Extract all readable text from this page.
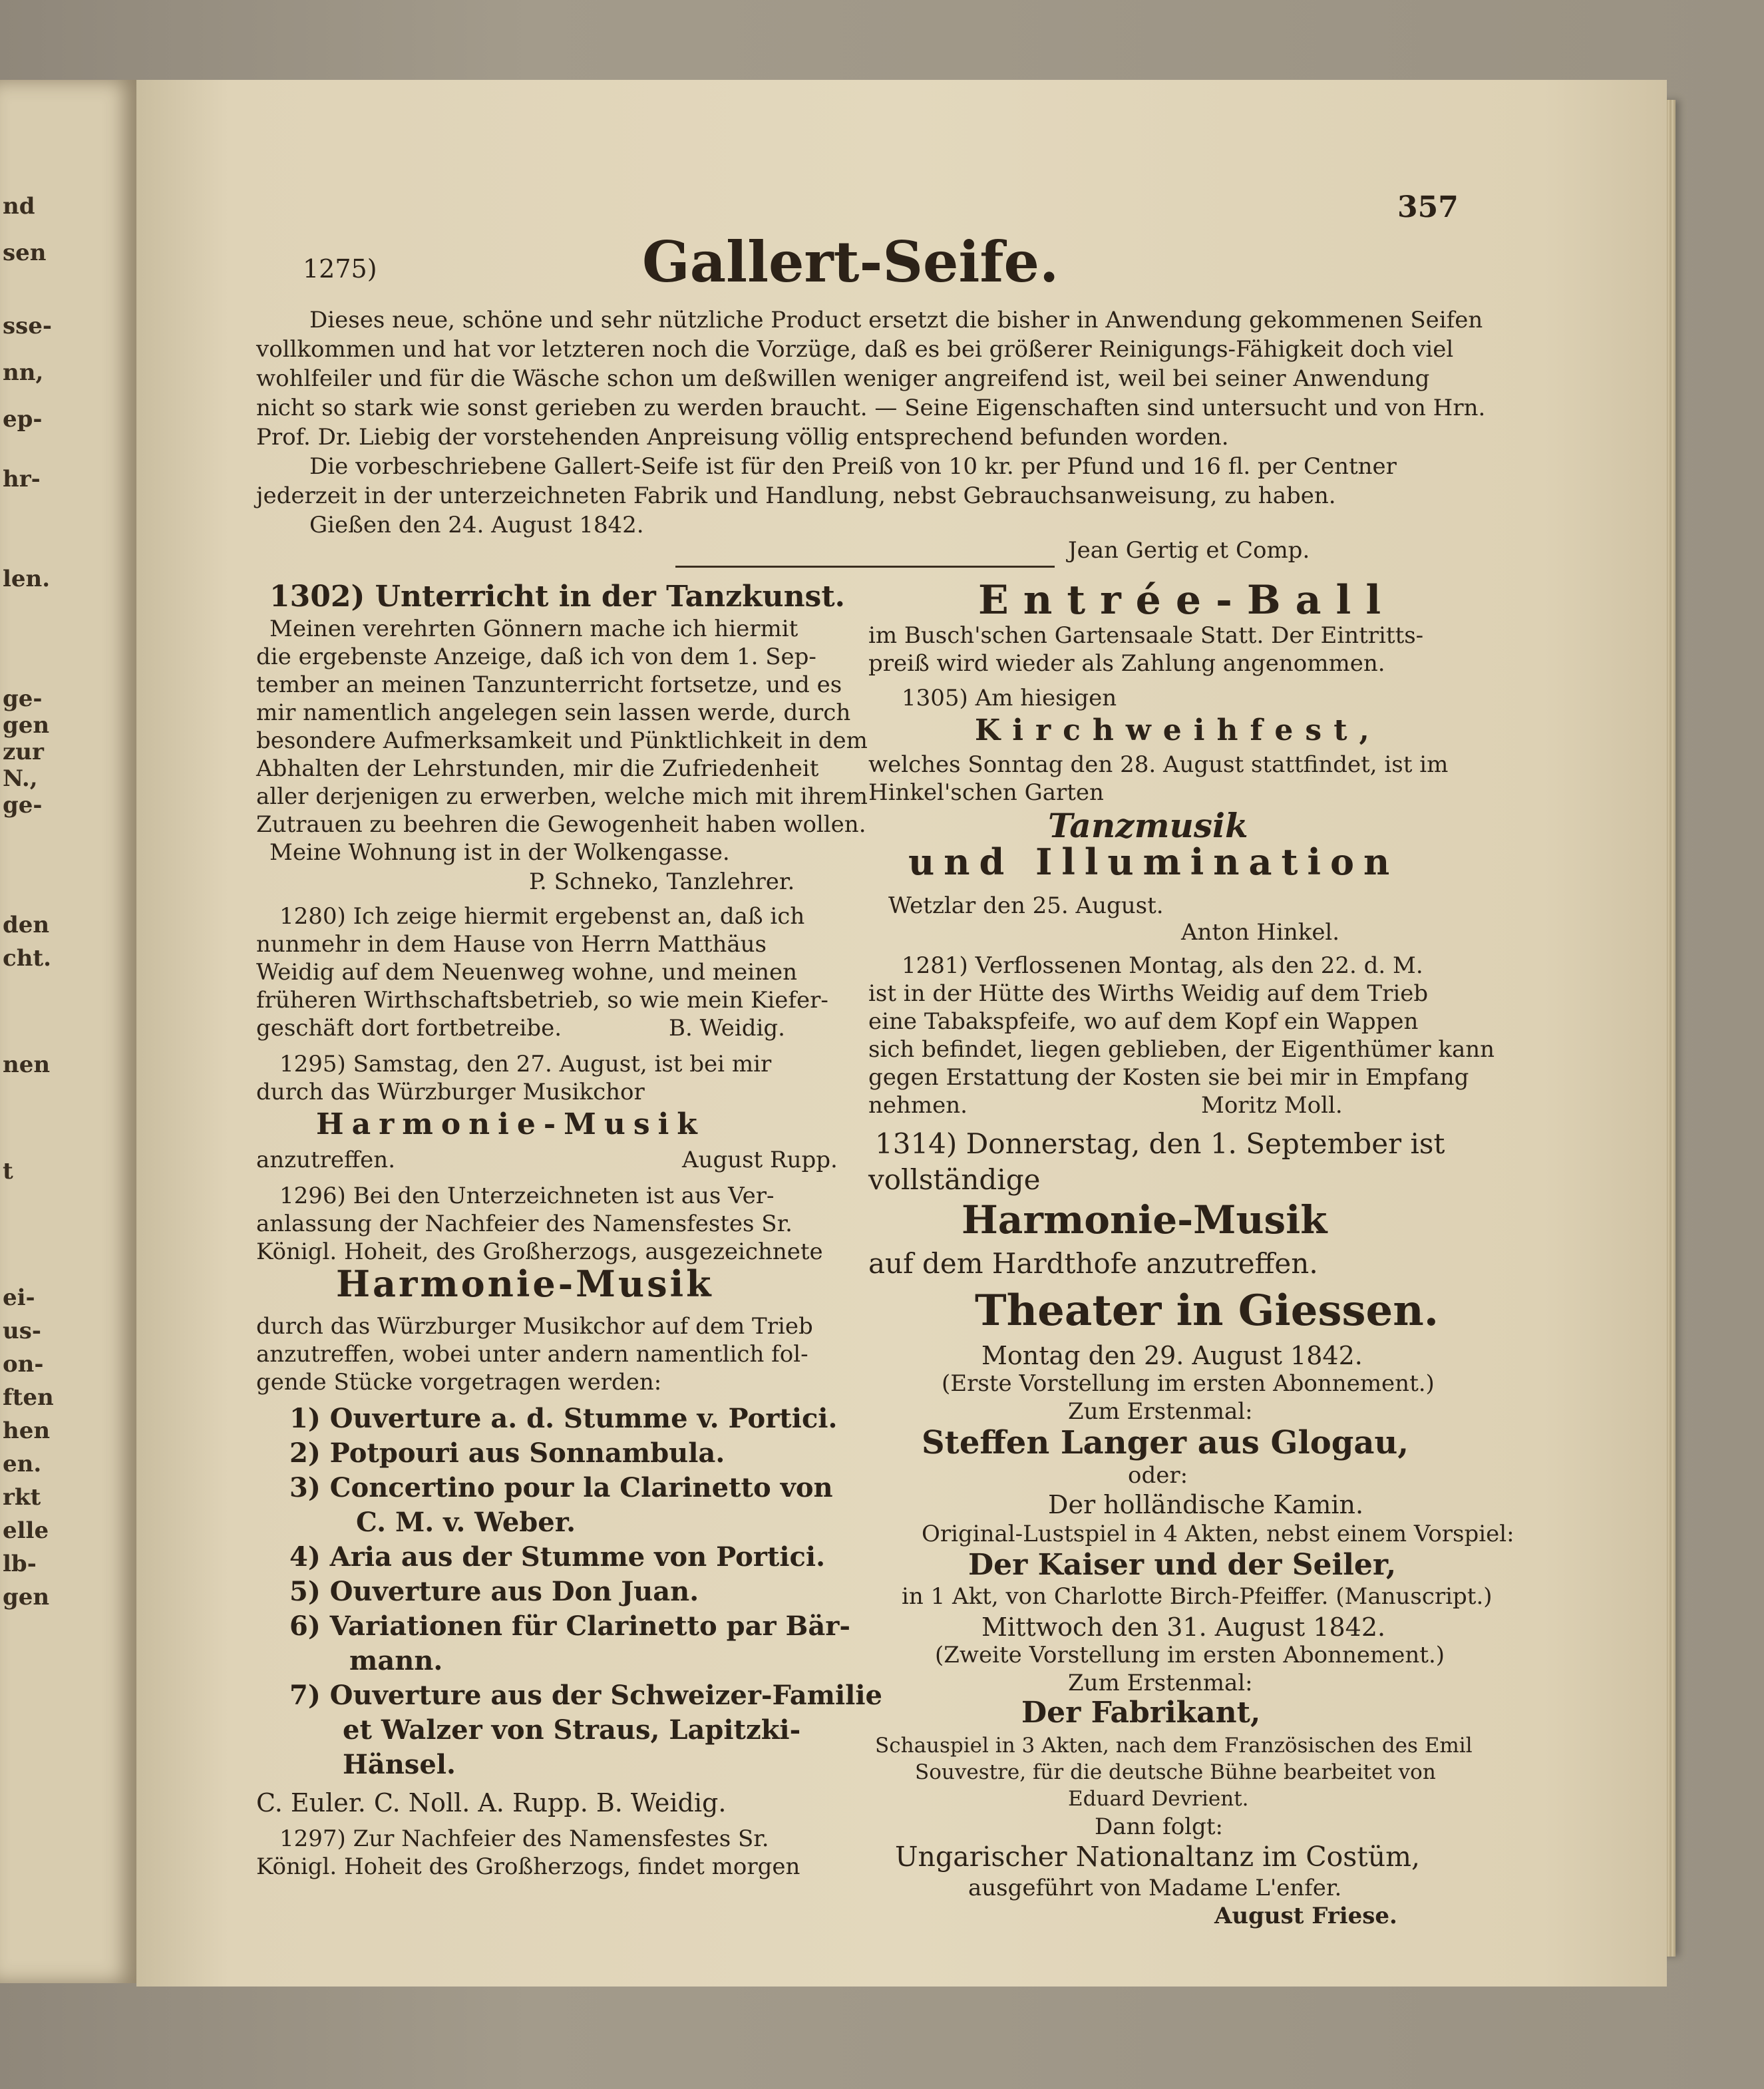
nd
sen
sse-
nn,
ep-
hr-
len.
ge-
gen
zur
N.,
ge-
den
cht.
nen
t
ei-
us-
on-
ften
hen
en.
rkt
elle
lb-
gen
357
1275)	Gallert-Seife.
Dieses neue, schöne und sehr nützliche Product ersetzt die bisher in Anwendung gekommenen Seifen
vollkommen und hat vor letzteren noch die Vorzüge, daß es bei größerer Reinigungs-Fähigkeit doch viel
wohlfeiler und für die Wäsche schon um deßwillen weniger angreifend ist, weil bei seiner Anwendung
nicht so stark wie sonst gerieben zu werden braucht. — Seine Eigenschaften sind untersucht und von Hrn.
Prof. Dr. Liebig der vorstehenden Anpreisung völlig entsprechend befunden worden.
Die vorbeschriebene Gallert-Seife ist für den Preiß von 10 kr. per Pfund und 16 fl. per Centner
jederzeit in der unterzeichneten Fabrik und Handlung, nebst Gebrauchsanweisung, zu haben.
Gießen den 24. August 1842.
Jean Gertig et Comp.
1302) Unterricht in der Tanzkunst.
Meinen verehrten Gönnern mache ich hiermit
die ergebenste Anzeige, daß ich von dem 1. Sep-
tember an meinen Tanzunterricht fortsetze, und es
mir namentlich angelegen sein lassen werde, durch
besondere Aufmerksamkeit und Pünktlichkeit in dem
Abhalten der Lehrstunden, mir die Zufriedenheit
aller derjenigen zu erwerben, welche mich mit ihrem
Zutrauen zu beehren die Gewogenheit haben wollen.
Meine Wohnung ist in der Wolkengasse.
P. Schneko, Tanzlehrer.
1280) Ich zeige hiermit ergebenst an, daß ich
nunmehr in dem Hause von Herrn Matthäus
Weidig auf dem Neuenweg wohne, und meinen
früheren Wirthschaftsbetrieb, so wie mein Kiefer-
geschäft dort fortbetreibe.	B. Weidig.
1295) Samstag, den 27. August, ist bei mir
durch das Würzburger Musikchor
Harmonie-Musik
anzutreffen.	August Rupp.
1296) Bei den Unterzeichneten ist aus Ver-
anlassung der Nachfeier des Namensfestes Sr.
Königl. Hoheit, des Großherzogs, ausgezeichnete
Harmonie-Musik
durch das Würzburger Musikchor auf dem Trieb
anzutreffen, wobei unter andern namentlich fol-
gende Stücke vorgetragen werden:
1) Ouverture a. d. Stumme v. Portici.
2) Potpouri aus Sonnambula.
3) Concertino pour la Clarinetto von
C. M. v. Weber.
4) Aria aus der Stumme von Portici.
5) Ouverture aus Don Juan.
6) Variationen für Clarinetto par Bär-
mann.
7) Ouverture aus der Schweizer-Familie
et Walzer von Straus, Lapitzki-
Hänsel.
C. Euler. C. Noll. A. Rupp. B. Weidig.
1297) Zur Nachfeier des Namensfestes Sr.
Königl. Hoheit des Großherzogs, findet morgen
Entrée-Ball
im Busch'schen Gartensaale Statt. Der Eintritts-
preiß wird wieder als Zahlung angenommen.
1305) Am hiesigen
Kirchweihfest,
welches Sonntag den 28. August stattfindet, ist im
Hinkel'schen Garten
Tanzmusik
und Illumination
Wetzlar den 25. August.
Anton Hinkel.
1281) Verflossenen Montag, als den 22. d. M.
ist in der Hütte des Wirths Weidig auf dem Trieb
eine Tabakspfeife, wo auf dem Kopf ein Wappen
sich befindet, liegen geblieben, der Eigenthümer kann
gegen Erstattung der Kosten sie bei mir in Empfang
nehmen.	Moritz Moll.
1314) Donnerstag, den 1. September ist
vollständige
Harmonie-Musik
auf dem Hardthofe anzutreffen.
Theater in Giessen.
Montag den 29. August 1842.
(Erste Vorstellung im ersten Abonnement.)
Zum Erstenmal:
Steffen Langer aus Glogau,
oder:
Der holländische Kamin.
Original-Lustspiel in 4 Akten, nebst einem Vorspiel:
Der Kaiser und der Seiler,
in 1 Akt, von Charlotte Birch-Pfeiffer. (Manuscript.)
Mittwoch den 31. August 1842.
(Zweite Vorstellung im ersten Abonnement.)
Zum Erstenmal:
Der Fabrikant,
Schauspiel in 3 Akten, nach dem Französischen des Emil
Souvestre, für die deutsche Bühne bearbeitet von
Eduard Devrient.
Dann folgt:
Ungarischer Nationaltanz im Costüm,
ausgeführt von Madame L'enfer.
August Friese.
